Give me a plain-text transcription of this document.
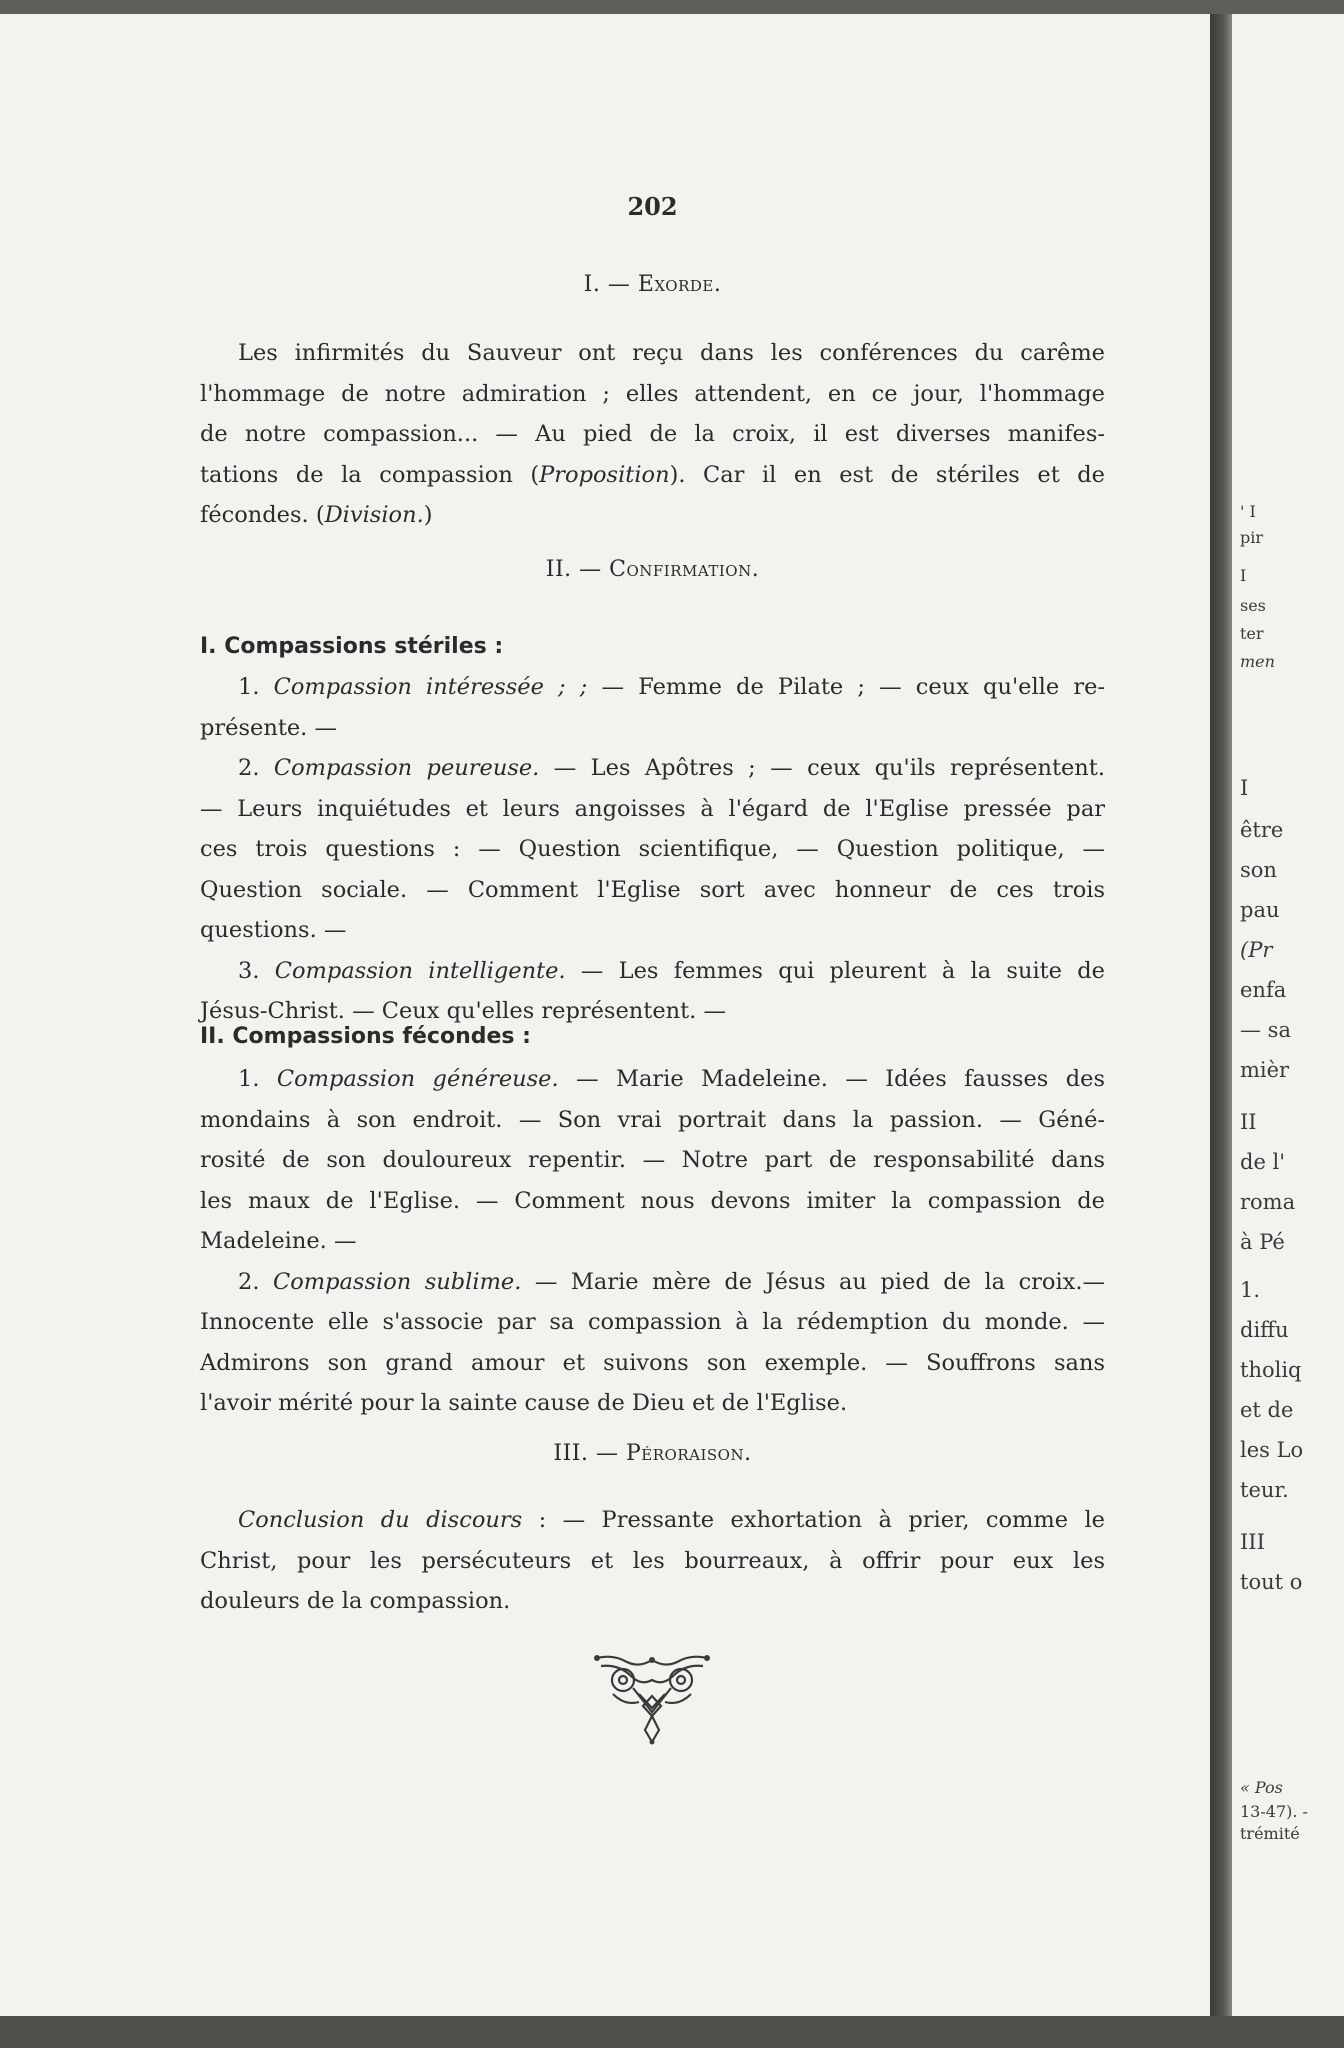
202
I. — Exorde.
Les infirmités du Sauveur ont reçu dans les conférences du carême
l'hommage de notre admiration ; elles attendent, en ce jour, l'hommage
de notre compassion... — Au pied de la croix, il est diverses manifes-
tations de la compassion (Proposition). Car il en est de stériles et de
fécondes. (Division.)
II. — Confirmation.
I. Compassions stériles :
1. Compassion intéressée ; ; — Femme de Pilate ; — ceux qu'elle re-
présente. —
2. Compassion peureuse. — Les Apôtres ; — ceux qu'ils représentent.
— Leurs inquiétudes et leurs angoisses à l'égard de l'Eglise pressée par
ces trois questions : — Question scientifique, — Question politique, —
Question sociale. — Comment l'Eglise sort avec honneur de ces trois
questions. —
3. Compassion intelligente. — Les femmes qui pleurent à la suite de
Jésus-Christ. — Ceux qu'elles représentent. —
II. Compassions fécondes :
1. Compassion généreuse. — Marie Madeleine. — Idées fausses des
mondains à son endroit. — Son vrai portrait dans la passion. — Géné-
rosité de son douloureux repentir. — Notre part de responsabilité dans
les maux de l'Eglise. — Comment nous devons imiter la compassion de
Madeleine. —
2. Compassion sublime. — Marie mère de Jésus au pied de la croix.—
Innocente elle s'associe par sa compassion à la rédemption du monde. —
Admirons son grand amour et suivons son exemple. — Souffrons sans
l'avoir mérité pour la sainte cause de Dieu et de l'Eglise.
III. — Péroraison.
Conclusion du discours : — Pressante exhortation à prier, comme le
Christ, pour les persécuteurs et les bourreaux, à offrir pour eux les
douleurs de la compassion.
' I
pir
I
ses
ter
men
I
être
son
pau
(Pr
enfa
— sa
mièr
II
de l'
roma
à Pé
1.
diffu
tholiq
et de
les Lo
teur.
III
tout o
« Pos
13-47). -
trémité
